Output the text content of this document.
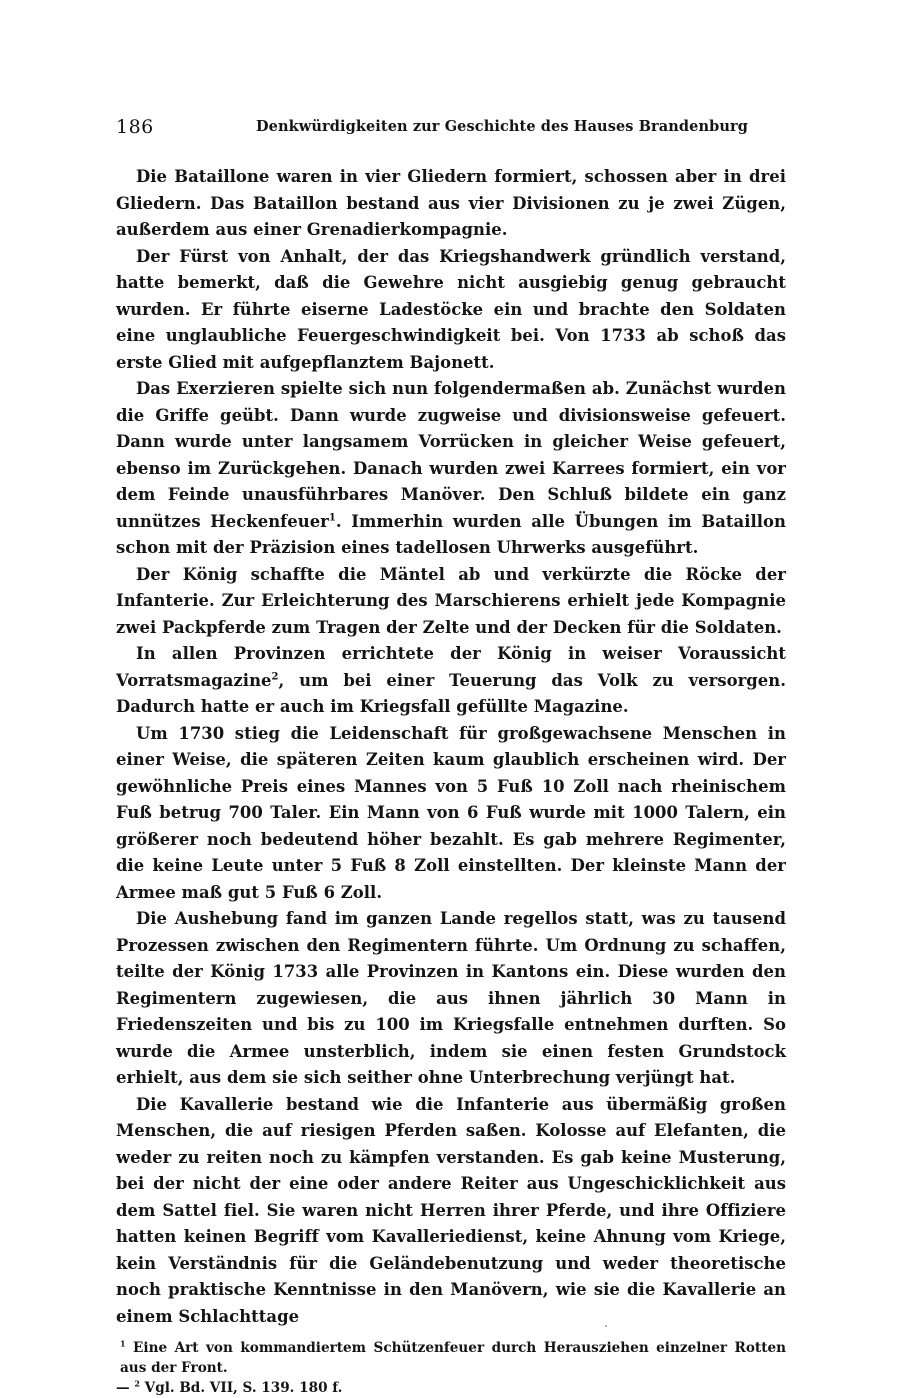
186	Denkwürdigkeiten zur Geschichte des Hauses Brandenburg

Die Bataillone waren in vier Gliedern formiert, schossen aber in drei Gliedern. Das Bataillon bestand aus vier Divisionen zu je zwei Zügen, außerdem aus einer Grenadierkompagnie.

Der Fürst von Anhalt, der das Kriegshandwerk gründlich verstand, hatte bemerkt, daß die Gewehre nicht ausgiebig genug gebraucht wurden. Er führte eiserne Ladestöcke ein und brachte den Soldaten eine unglaubliche Feuergeschwindigkeit bei. Von 1733 ab schoß das erste Glied mit aufgepflanztem Bajonett.

Das Exerzieren spielte sich nun folgendermaßen ab. Zunächst wurden die Griffe geübt. Dann wurde zugweise und divisionsweise gefeuert. Dann wurde unter langsamem Vorrücken in gleicher Weise gefeuert, ebenso im Zurückgehen. Danach wurden zwei Karrees formiert, ein vor dem Feinde unausführbares Manöver. Den Schluß bildete ein ganz unnützes Heckenfeuer$^1$. Immerhin wurden alle Übungen im Bataillon schon mit der Präzision eines tadellosen Uhrwerks ausgeführt.

Der König schaffte die Mäntel ab und verkürzte die Röcke der Infanterie. Zur Erleichterung des Marschierens erhielt jede Kompagnie zwei Packpferde zum Tragen der Zelte und der Decken für die Soldaten.

In allen Provinzen errichtete der König in weiser Voraussicht Vorratsmagazine$^2$, um bei einer Teuerung das Volk zu versorgen. Dadurch hatte er auch im Kriegsfall gefüllte Magazine.

Um 1730 stieg die Leidenschaft für großgewachsene Menschen in einer Weise, die späteren Zeiten kaum glaublich erscheinen wird. Der gewöhnliche Preis eines Mannes von 5 Fuß 10 Zoll nach rheinischem Fuß betrug 700 Taler. Ein Mann von 6 Fuß wurde mit 1000 Talern, ein größerer noch bedeutend höher bezahlt. Es gab mehrere Regimenter, die keine Leute unter 5 Fuß 8 Zoll einstellten. Der kleinste Mann der Armee maß gut 5 Fuß 6 Zoll.

Die Aushebung fand im ganzen Lande regellos statt, was zu tausend Prozessen zwischen den Regimentern führte. Um Ordnung zu schaffen, teilte der König 1733 alle Provinzen in Kantons ein. Diese wurden den Regimentern zugewiesen, die aus ihnen jährlich 30 Mann in Friedenszeiten und bis zu 100 im Kriegsfalle entnehmen durften. So wurde die Armee unsterblich, indem sie einen festen Grundstock erhielt, aus dem sie sich seither ohne Unterbrechung verjüngt hat.

Die Kavallerie bestand wie die Infanterie aus übermäßig großen Menschen, die auf riesigen Pferden saßen. Kolosse auf Elefanten, die weder zu reiten noch zu kämpfen verstanden. Es gab keine Musterung, bei der nicht der eine oder andere Reiter aus Ungeschicklichkeit aus dem Sattel fiel. Sie waren nicht Herren ihrer Pferde, und ihre Offiziere hatten keinen Begriff vom Kavalleriedienst, keine Ahnung vom Kriege, kein Verständnis für die Geländebenutzung und weder theoretische noch praktische Kenntnisse in den Manövern, wie sie die Kavallerie an einem Schlachttage

$^1$ Eine Art von kommandiertem Schützenfeuer durch Herausziehen einzelner Rotten aus der Front.
— $^2$ Vgl. Bd. VII, S. 139. 180 f.
